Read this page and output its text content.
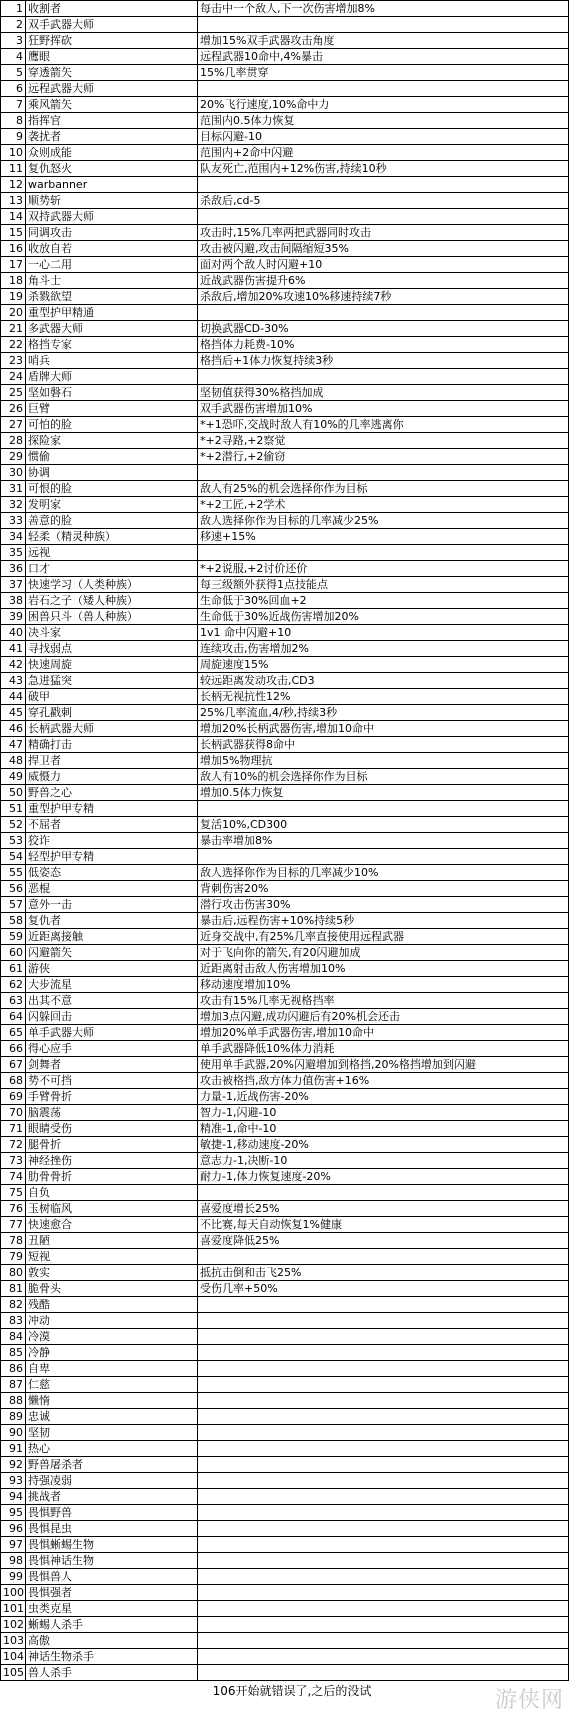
1	收割者	每击中一个敌人,下一次伤害增加8%
2	双手武器大师	
3	狂野挥砍	增加15%双手武器攻击角度
4	鹰眼	远程武器10命中,4%暴击
5	穿透箭矢	15%几率贯穿
6	远程武器大师	
7	乘风箭矢	20%飞行速度,10%命中力
8	指挥官	范围内0.5体力恢复
9	袭扰者	目标闪避-10
10	众则成能	范围内+2命中闪避
11	复仇怒火	队友死亡,范围内+12%伤害,持续10秒
12	warbanner	
13	顺势斩	杀敌后,cd-5
14	双持武器大师	
15	同调攻击	攻击时,15%几率两把武器同时攻击
16	收放自若	攻击被闪避,攻击间隔缩短35%
17	一心二用	面对两个敌人时闪避+10
18	角斗士	近战武器伤害提升6%
19	杀戮欲望	杀敌后,增加20%攻速10%移速持续7秒
20	重型护甲精通	
21	多武器大师	切换武器CD-30%
22	格挡专家	格挡体力耗费-10%
23	哨兵	格挡后+1体力恢复持续3秒
24	盾牌大师	
25	坚如磐石	坚韧值获得30%格挡加成
26	巨臂	双手武器伤害增加10%
27	可怕的脸	*+1恐吓,交战时敌人有10%的几率逃离你
28	探险家	*+2寻路,+2察觉
29	惯偷	*+2潜行,+2偷窃
30	协调	
31	可恨的脸	敌人有25%的机会选择你作为目标
32	发明家	*+2工匠,+2学术
33	善意的脸	敌人选择你作为目标的几率减少25%
34	轻柔（精灵种族）	移速+15%
35	远视	
36	口才	*+2说服,+2讨价还价
37	快速学习（人类种族）	每三级额外获得1点技能点
38	岩石之子（矮人种族）	生命低于30%回血+2
39	困兽只斗（兽人种族）	生命低于30%近战伤害增加20%
40	决斗家	1v1 命中闪避+10
41	寻找弱点	连续攻击,伤害增加2%
42	快速周旋	周旋速度15%
43	急进猛突	较远距离发动攻击,CD3
44	破甲	长柄无视抗性12%
45	穿孔戳刺	25%几率流血,4/秒,持续3秒
46	长柄武器大师	增加20%长柄武器伤害,增加10命中
47	精确打击	长柄武器获得8命中
48	捍卫者	增加5%物理抗
49	威慑力	敌人有10%的机会选择你作为目标
50	野兽之心	增加0.5体力恢复
51	重型护甲专精	
52	不屈者	复活10%,CD300
53	狡诈	暴击率增加8%
54	轻型护甲专精	
55	低姿态	敌人选择你作为目标的几率减少10%
56	恶棍	背刺伤害20%
57	意外一击	潜行攻击伤害30%
58	复仇者	暴击后,远程伤害+10%持续5秒
59	近距离接触	近身交战中,有25%几率直接使用远程武器
60	闪避箭矢	对于飞向你的箭矢,有20闪避加成
61	游侠	近距离射击敌人伤害增加10%
62	大步流星	移动速度增加10%
63	出其不意	攻击有15%几率无视格挡率
64	闪躲回击	增加3点闪避,成功闪避后有20%机会还击
65	单手武器大师	增加20%单手武器伤害,增加10命中
66	得心应手	单手武器降低10%体力消耗
67	剑舞者	使用单手武器,20%闪避增加到格挡,20%格挡增加到闪避
68	势不可挡	攻击被格挡,敌方体力值伤害+16%
69	手臂骨折	力量-1,近战伤害-20%
70	脑震荡	智力-1,闪避-10
71	眼睛受伤	精准-1,命中-10
72	腿骨折	敏捷-1,移动速度-20%
73	神经挫伤	意志力-1,决断-10
74	肋骨骨折	耐力-1,体力恢复速度-20%
75	自负	
76	玉树临风	喜爱度增长25%
77	快速愈合	不比赛,每天自动恢复1%健康
78	丑陋	喜爱度降低25%
79	短视	
80	敦实	抵抗击倒和击飞25%
81	脆骨头	受伤几率+50%
82	残酷	
83	冲动	
84	冷漠	
85	冷静	
86	自卑	
87	仁慈	
88	懒惰	
89	忠诚	
90	坚韧	
91	热心	
92	野兽屠杀者	
93	持强凌弱	
94	挑战者	
95	畏惧野兽	
96	畏惧昆虫	
97	畏惧蜥蜴生物	
98	畏惧神话生物	
99	畏惧兽人	
100	畏惧强者	
101	虫类克星	
102	蜥蜴人杀手	
103	高傲	
104	神话生物杀手	
105	兽人杀手	
106开始就错误了,之后的没试	游侠网
